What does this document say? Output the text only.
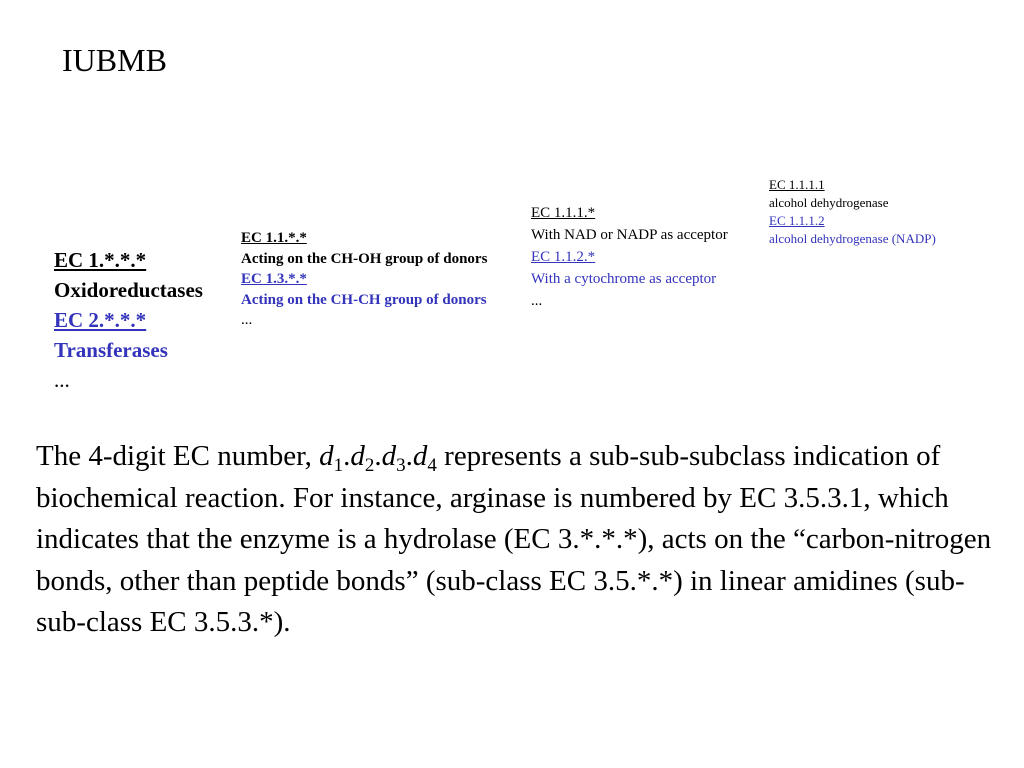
IUBMB
EC 1.*.*.*
Oxidoreductases
EC 2.*.*.*
Transferases
...
EC 1.1.*.*
Acting on the CH-OH group of donors
EC 1.3.*.*
Acting on the CH-CH group of donors
...
EC 1.1.1.*
With NAD or NADP as acceptor
EC 1.1.2.*
With a cytochrome as acceptor
...
EC 1.1.1.1
alcohol dehydrogenase
EC 1.1.1.2
alcohol dehydrogenase (NADP)
The 4-digit EC number, $d_1.d_2.d_3.d_4$ represents a sub-sub-subclass indication of biochemical reaction. For instance, arginase is numbered by EC 3.5.3.1, which indicates that the enzyme is a hydrolase (EC 3.*.*.*), acts on the “carbon-nitrogen bonds, other than peptide bonds” (sub-class EC 3.5.*.*) in linear amidines (sub-sub-class EC 3.5.3.*).
